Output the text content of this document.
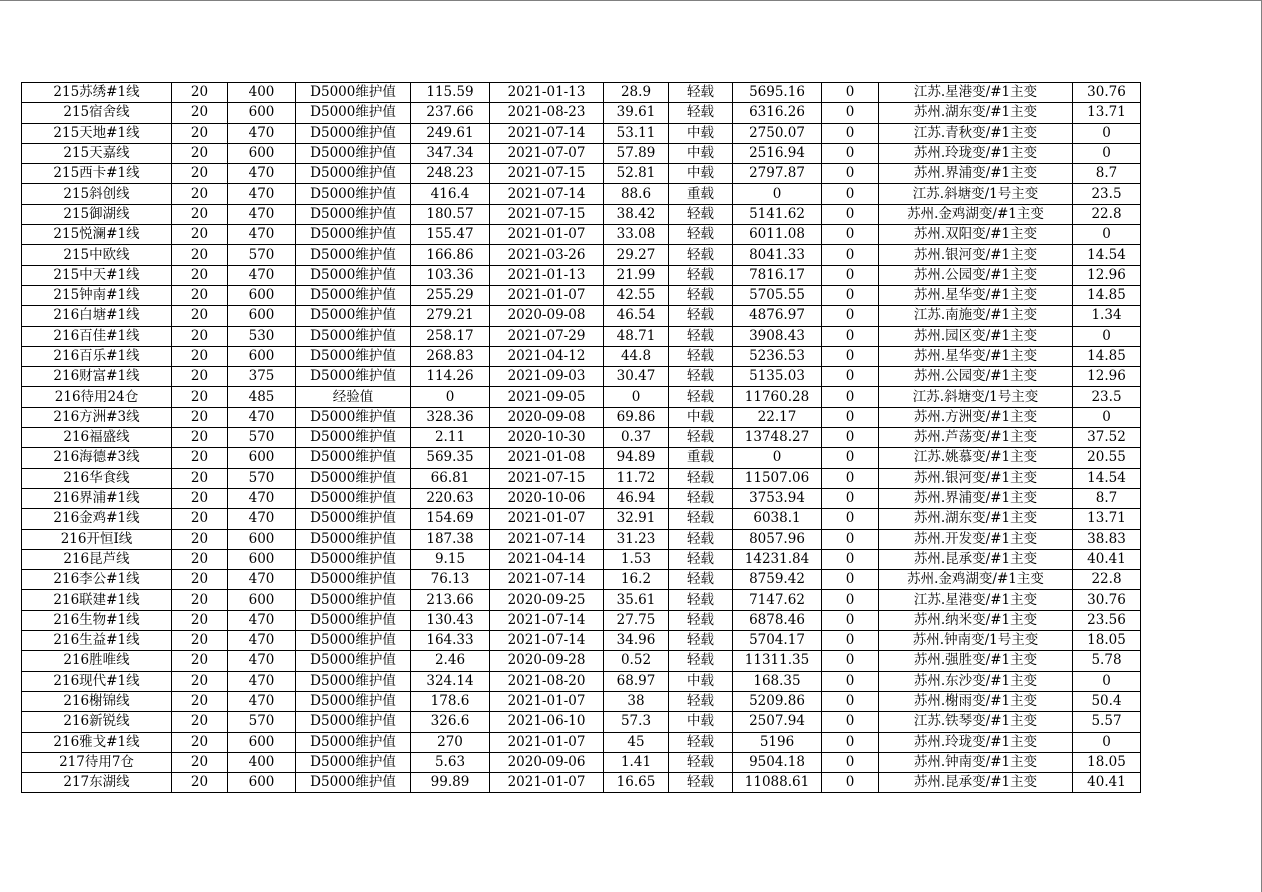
215苏绣#1线	20	400	D5000维护值	115.59	2021-01-13	28.9	轻载	5695.16	0	江苏.星港变/#1主变	30.76
215宿舍线	20	600	D5000维护值	237.66	2021-08-23	39.61	轻载	6316.26	0	苏州.湖东变/#1主变	13.71
215天地#1线	20	470	D5000维护值	249.61	2021-07-14	53.11	中载	2750.07	0	江苏.青秋变/#1主变	0
215天嘉线	20	600	D5000维护值	347.34	2021-07-07	57.89	中载	2516.94	0	苏州.玲珑变/#1主变	0
215西卡#1线	20	470	D5000维护值	248.23	2021-07-15	52.81	中载	2797.87	0	苏州.界浦变/#1主变	8.7
215斜创线	20	470	D5000维护值	416.4	2021-07-14	88.6	重载	0	0	江苏.斜塘变/1号主变	23.5
215御湖线	20	470	D5000维护值	180.57	2021-07-15	38.42	轻载	5141.62	0	苏州.金鸡湖变/#1主变	22.8
215悦澜#1线	20	470	D5000维护值	155.47	2021-01-07	33.08	轻载	6011.08	0	苏州.双阳变/#1主变	0
215中欧线	20	570	D5000维护值	166.86	2021-03-26	29.27	轻载	8041.33	0	苏州.银河变/#1主变	14.54
215中天#1线	20	470	D5000维护值	103.36	2021-01-13	21.99	轻载	7816.17	0	苏州.公园变/#1主变	12.96
215钟南#1线	20	600	D5000维护值	255.29	2021-01-07	42.55	轻载	5705.55	0	苏州.星华变/#1主变	14.85
216白塘#1线	20	600	D5000维护值	279.21	2020-09-08	46.54	轻载	4876.97	0	江苏.南施变/#1主变	1.34
216百佳#1线	20	530	D5000维护值	258.17	2021-07-29	48.71	轻载	3908.43	0	苏州.园区变/#1主变	0
216百乐#1线	20	600	D5000维护值	268.83	2021-04-12	44.8	轻载	5236.53	0	苏州.星华变/#1主变	14.85
216财富#1线	20	375	D5000维护值	114.26	2021-09-03	30.47	轻载	5135.03	0	苏州.公园变/#1主变	12.96
216待用24仓	20	485	经验值	0	2021-09-05	0	轻载	11760.28	0	江苏.斜塘变/1号主变	23.5
216方洲#3线	20	470	D5000维护值	328.36	2020-09-08	69.86	中载	22.17	0	苏州.方洲变/#1主变	0
216福盛线	20	570	D5000维护值	2.11	2020-10-30	0.37	轻载	13748.27	0	苏州.芦荡变/#1主变	37.52
216海德#3线	20	600	D5000维护值	569.35	2021-01-08	94.89	重载	0	0	江苏.姚慕变/#1主变	20.55
216华食线	20	570	D5000维护值	66.81	2021-07-15	11.72	轻载	11507.06	0	苏州.银河变/#1主变	14.54
216界浦#1线	20	470	D5000维护值	220.63	2020-10-06	46.94	轻载	3753.94	0	苏州.界浦变/#1主变	8.7
216金鸡#1线	20	470	D5000维护值	154.69	2021-01-07	32.91	轻载	6038.1	0	苏州.湖东变/#1主变	13.71
216开恒Ⅰ线	20	600	D5000维护值	187.38	2021-07-14	31.23	轻载	8057.96	0	苏州.开发变/#1主变	38.83
216昆芦线	20	600	D5000维护值	9.15	2021-04-14	1.53	轻载	14231.84	0	苏州.昆承变/#1主变	40.41
216李公#1线	20	470	D5000维护值	76.13	2021-07-14	16.2	轻载	8759.42	0	苏州.金鸡湖变/#1主变	22.8
216联建#1线	20	600	D5000维护值	213.66	2020-09-25	35.61	轻载	7147.62	0	江苏.星港变/#1主变	30.76
216生物#1线	20	470	D5000维护值	130.43	2021-07-14	27.75	轻载	6878.46	0	苏州.纳米变/#1主变	23.56
216生益#1线	20	470	D5000维护值	164.33	2021-07-14	34.96	轻载	5704.17	0	苏州.钟南变/1号主变	18.05
216胜唯线	20	470	D5000维护值	2.46	2020-09-28	0.52	轻载	11311.35	0	苏州.强胜变/#1主变	5.78
216现代#1线	20	470	D5000维护值	324.14	2021-08-20	68.97	中载	168.35	0	苏州.东沙变/#1主变	0
216榭锦线	20	470	D5000维护值	178.6	2021-01-07	38	轻载	5209.86	0	苏州.榭雨变/#1主变	50.4
216新锐线	20	570	D5000维护值	326.6	2021-06-10	57.3	中载	2507.94	0	江苏.铁琴变/#1主变	5.57
216雅戈#1线	20	600	D5000维护值	270	2021-01-07	45	轻载	5196	0	苏州.玲珑变/#1主变	0
217待用7仓	20	400	D5000维护值	5.63	2020-09-06	1.41	轻载	9504.18	0	苏州.钟南变/#1主变	18.05
217东湖线	20	600	D5000维护值	99.89	2021-01-07	16.65	轻载	11088.61	0	苏州.昆承变/#1主变	40.41
